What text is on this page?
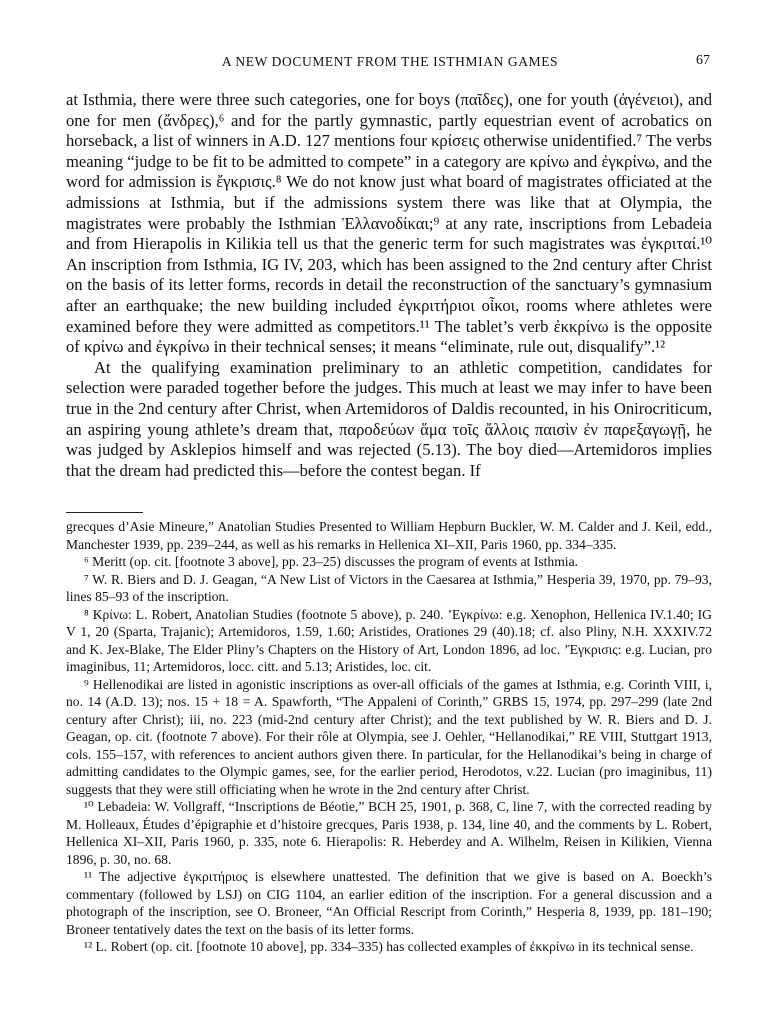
A NEW DOCUMENT FROM THE ISTHMIAN GAMES	67

at Isthmia, there were three such categories, one for boys (παῖδες), one for youth (ἀγένειοι), and one for men (ἄνδρες),⁶ and for the partly gymnastic, partly equestrian event of acrobatics on horseback, a list of winners in A.D. 127 mentions four κρίσεις otherwise unidentified.⁷ The verbs meaning “judge to be fit to be admitted to compete” in a category are κρίνω and ἐγκρίνω, and the word for admission is ἔγκρισις.⁸ We do not know just what board of magistrates officiated at the admissions at Isthmia, but if the admissions system there was like that at Olympia, the magistrates were probably the Isthmian Ἑλλανοδίκαι;⁹ at any rate, inscriptions from Lebadeia and from Hierapolis in Kilikia tell us that the generic term for such magistrates was ἐγκριταί.¹⁰ An inscription from Isthmia, IG IV, 203, which has been assigned to the 2nd century after Christ on the basis of its letter forms, records in detail the reconstruction of the sanctuary’s gymnasium after an earthquake; the new building included ἐγκριτήριοι οἶκοι, rooms where athletes were examined before they were admitted as competitors.¹¹ The tablet’s verb ἐκκρίνω is the opposite of κρίνω and ἐγκρίνω in their technical senses; it means “eliminate, rule out, disqualify”.¹²

At the qualifying examination preliminary to an athletic competition, candidates for selection were paraded together before the judges. This much at least we may infer to have been true in the 2nd century after Christ, when Artemidoros of Daldis recounted, in his Onirocriticum, an aspiring young athlete’s dream that, παροδεύων ἅμα τοῖς ἄλλοις παισὶν ἐν παρεξαγωγῇ, he was judged by Asklepios himself and was rejected (5.13). The boy died—Artemidoros implies that the dream had predicted this—before the contest began. If

grecques d’Asie Mineure,” Anatolian Studies Presented to William Hepburn Buckler, W. M. Calder and J. Keil, edd., Manchester 1939, pp. 239–244, as well as his remarks in Hellenica XI–XII, Paris 1960, pp. 334–335.

⁶ Meritt (op. cit. [footnote 3 above], pp. 23–25) discusses the program of events at Isthmia.

⁷ W. R. Biers and D. J. Geagan, “A New List of Victors in the Caesarea at Isthmia,” Hesperia 39, 1970, pp. 79–93, lines 85–93 of the inscription.

⁸ Κρίνω: L. Robert, Anatolian Studies (footnote 5 above), p. 240. ʼΕγκρίνω: e.g. Xenophon, Hellenica IV.1.40; IG V 1, 20 (Sparta, Trajanic); Artemidoros, 1.59, 1.60; Aristides, Orationes 29 (40).18; cf. also Pliny, N.H. XXXIV.72 and K. Jex-Blake, The Elder Pliny’s Chapters on the History of Art, London 1896, ad loc. ʼΈγκρισις: e.g. Lucian, pro imaginibus, 11; Artemidoros, locc. citt. and 5.13; Aristides, loc. cit.

⁹ Hellenodikai are listed in agonistic inscriptions as over-all officials of the games at Isthmia, e.g. Corinth VIII, i, no. 14 (A.D. 13); nos. 15 + 18 = A. Spawforth, “The Appaleni of Corinth,” GRBS 15, 1974, pp. 297–299 (late 2nd century after Christ); iii, no. 223 (mid-2nd century after Christ); and the text published by W. R. Biers and D. J. Geagan, op. cit. (footnote 7 above). For their rôle at Olympia, see J. Oehler, “Hellanodikai,” RE VIII, Stuttgart 1913, cols. 155–157, with references to ancient authors given there. In particular, for the Hellanodikai’s being in charge of admitting candidates to the Olympic games, see, for the earlier period, Herodotos, v.22. Lucian (pro imaginibus, 11) suggests that they were still officiating when he wrote in the 2nd century after Christ.

¹⁰ Lebadeia: W. Vollgraff, “Inscriptions de Béotie,” BCH 25, 1901, p. 368, C, line 7, with the corrected reading by M. Holleaux, Études d’épigraphie et d’histoire grecques, Paris 1938, p. 134, line 40, and the comments by L. Robert, Hellenica XI–XII, Paris 1960, p. 335, note 6. Hierapolis: R. Heberdey and A. Wilhelm, Reisen in Kilikien, Vienna 1896, p. 30, no. 68.

¹¹ The adjective ἐγκριτήριος is elsewhere unattested. The definition that we give is based on A. Boeckh’s commentary (followed by LSJ) on CIG 1104, an earlier edition of the inscription. For a general discussion and a photograph of the inscription, see O. Broneer, “An Official Rescript from Corinth,” Hesperia 8, 1939, pp. 181–190; Broneer tentatively dates the text on the basis of its letter forms.

¹² L. Robert (op. cit. [footnote 10 above], pp. 334–335) has collected examples of ἐκκρίνω in its technical sense.
